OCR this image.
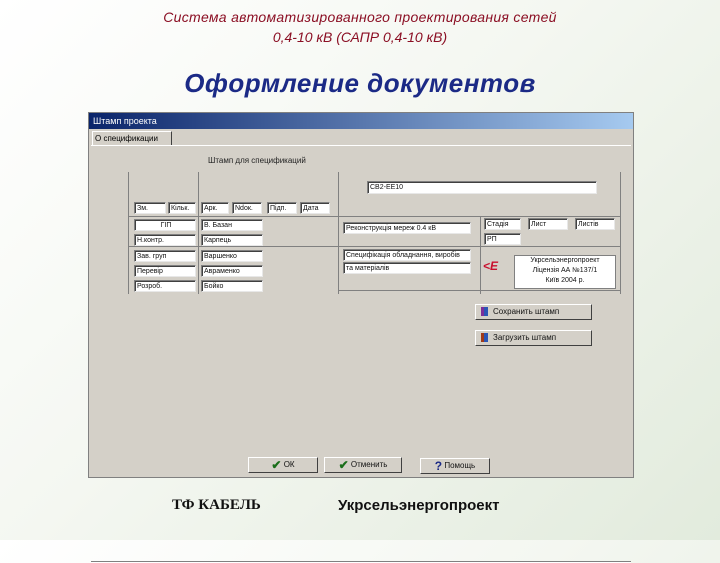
Система автоматизированного проектирования сетей
0,4-10 кВ (САПР 0,4-10 кВ)
Оформление документов
Штамп проекта
О спецификации
Штамп для спецификаций
СВ2-ЕЕ10
Зм.	Кільк.	Арк.	Ndок.	Підп.	Дата
ГІП	В. Базан
Н.контр.	Карпець
Зав. груп	Варшенко
Перевір	Авраменко
Розроб.	Бойко
Реконструкція мереж 0.4 кВ
Специфікація обладнання, виробів
та матеріалів
Стадія	Лист	Листів
РП
<E	Укрсельэнергопроект
Ліцензія АА №137/1
Київ 2004 р.
Сохранить штамп
Загрузить штамп
✔ ОК	✔ Отменить	? Помощь
ТФ КАБЕЛЬ	Укрсельэнергопроект
